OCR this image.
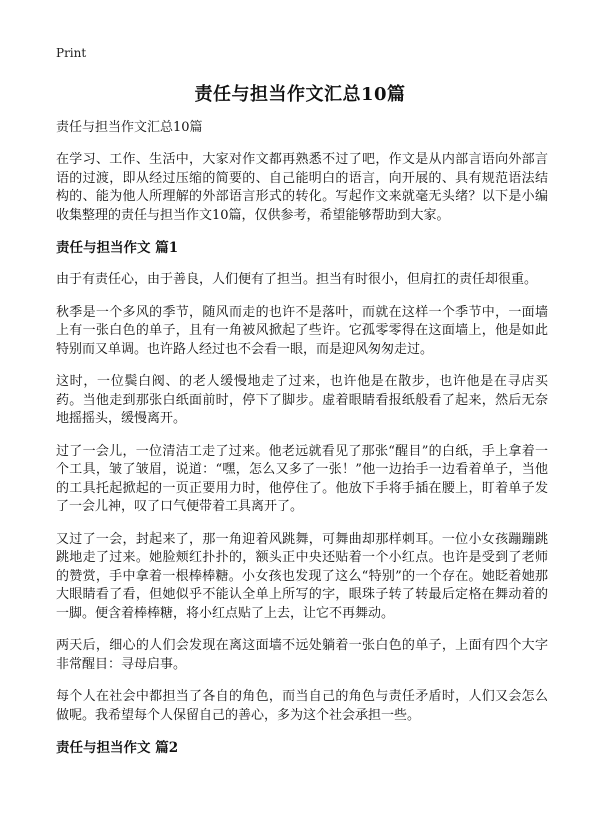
Print
责任与担当作文汇总10篇

责任与担当作文汇总10篇

在学习、工作、生活中，大家对作文都再熟悉不过了吧，作文是从内部言语向外部言语的过渡，即从经过压缩的简要的、自己能明白的语言，向开展的、具有规范语法结构的、能为他人所理解的外部语言形式的转化。写起作文来就毫无头绪？以下是小编收集整理的责任与担当作文10篇，仅供参考，希望能够帮助到大家。

责任与担当作文 篇1

由于有责任心，由于善良，人们便有了担当。担当有时很小，但肩扛的责任却很重。

秋季是一个多风的季节，随风而走的也许不是落叶，而就在这样一个季节中，一面墙上有一张白色的单子，且有一角被风掀起了些许。它孤零零得在这面墙上，他是如此特别而又单调。也许路人经过也不会看一眼，而是迎风匆匆走过。

这时，一位鬓白阀、的老人缓慢地走了过来，也许他是在散步，也许他是在寻店买药。当他走到那张白纸面前时，停下了脚步。虚着眼睛看报纸般看了起来，然后无奈地摇摇头，缓慢离开。

过了一会儿，一位清洁工走了过来。他老远就看见了那张“醒目”的白纸，手上拿着一个工具，皱了皱眉，说道：“嘿，怎么又多了一张！”他一边抬手一边看着单子，当他的工具托起掀起的一页正要用力时，他停住了。他放下手将手插在腰上，盯着单子发了一会儿神，叹了口气便带着工具离开了。

又过了一会，封起来了，那一角迎着风跳舞，可舞曲却那样刺耳。一位小女孩蹦蹦跳跳地走了过来。她脸颊红扑扑的，额头正中央还贴着一个小红点。也许是受到了老师的赞赏，手中拿着一根棒棒糖。小女孩也发现了这么“特别”的一个存在。她眨着她那大眼睛看了看，但她似乎不能认全单上所写的字，眼珠子转了转最后定格在舞动着的一脚。便含着棒棒糖，将小红点贴了上去，让它不再舞动。

两天后，细心的人们会发现在离这面墙不远处躺着一张白色的单子，上面有四个大字非常醒目：寻母启事。

每个人在社会中都担当了各自的角色，而当自己的角色与责任矛盾时，人们又会怎么做呢。我希望每个人保留自己的善心，多为这个社会承担一些。

责任与担当作文 篇2
